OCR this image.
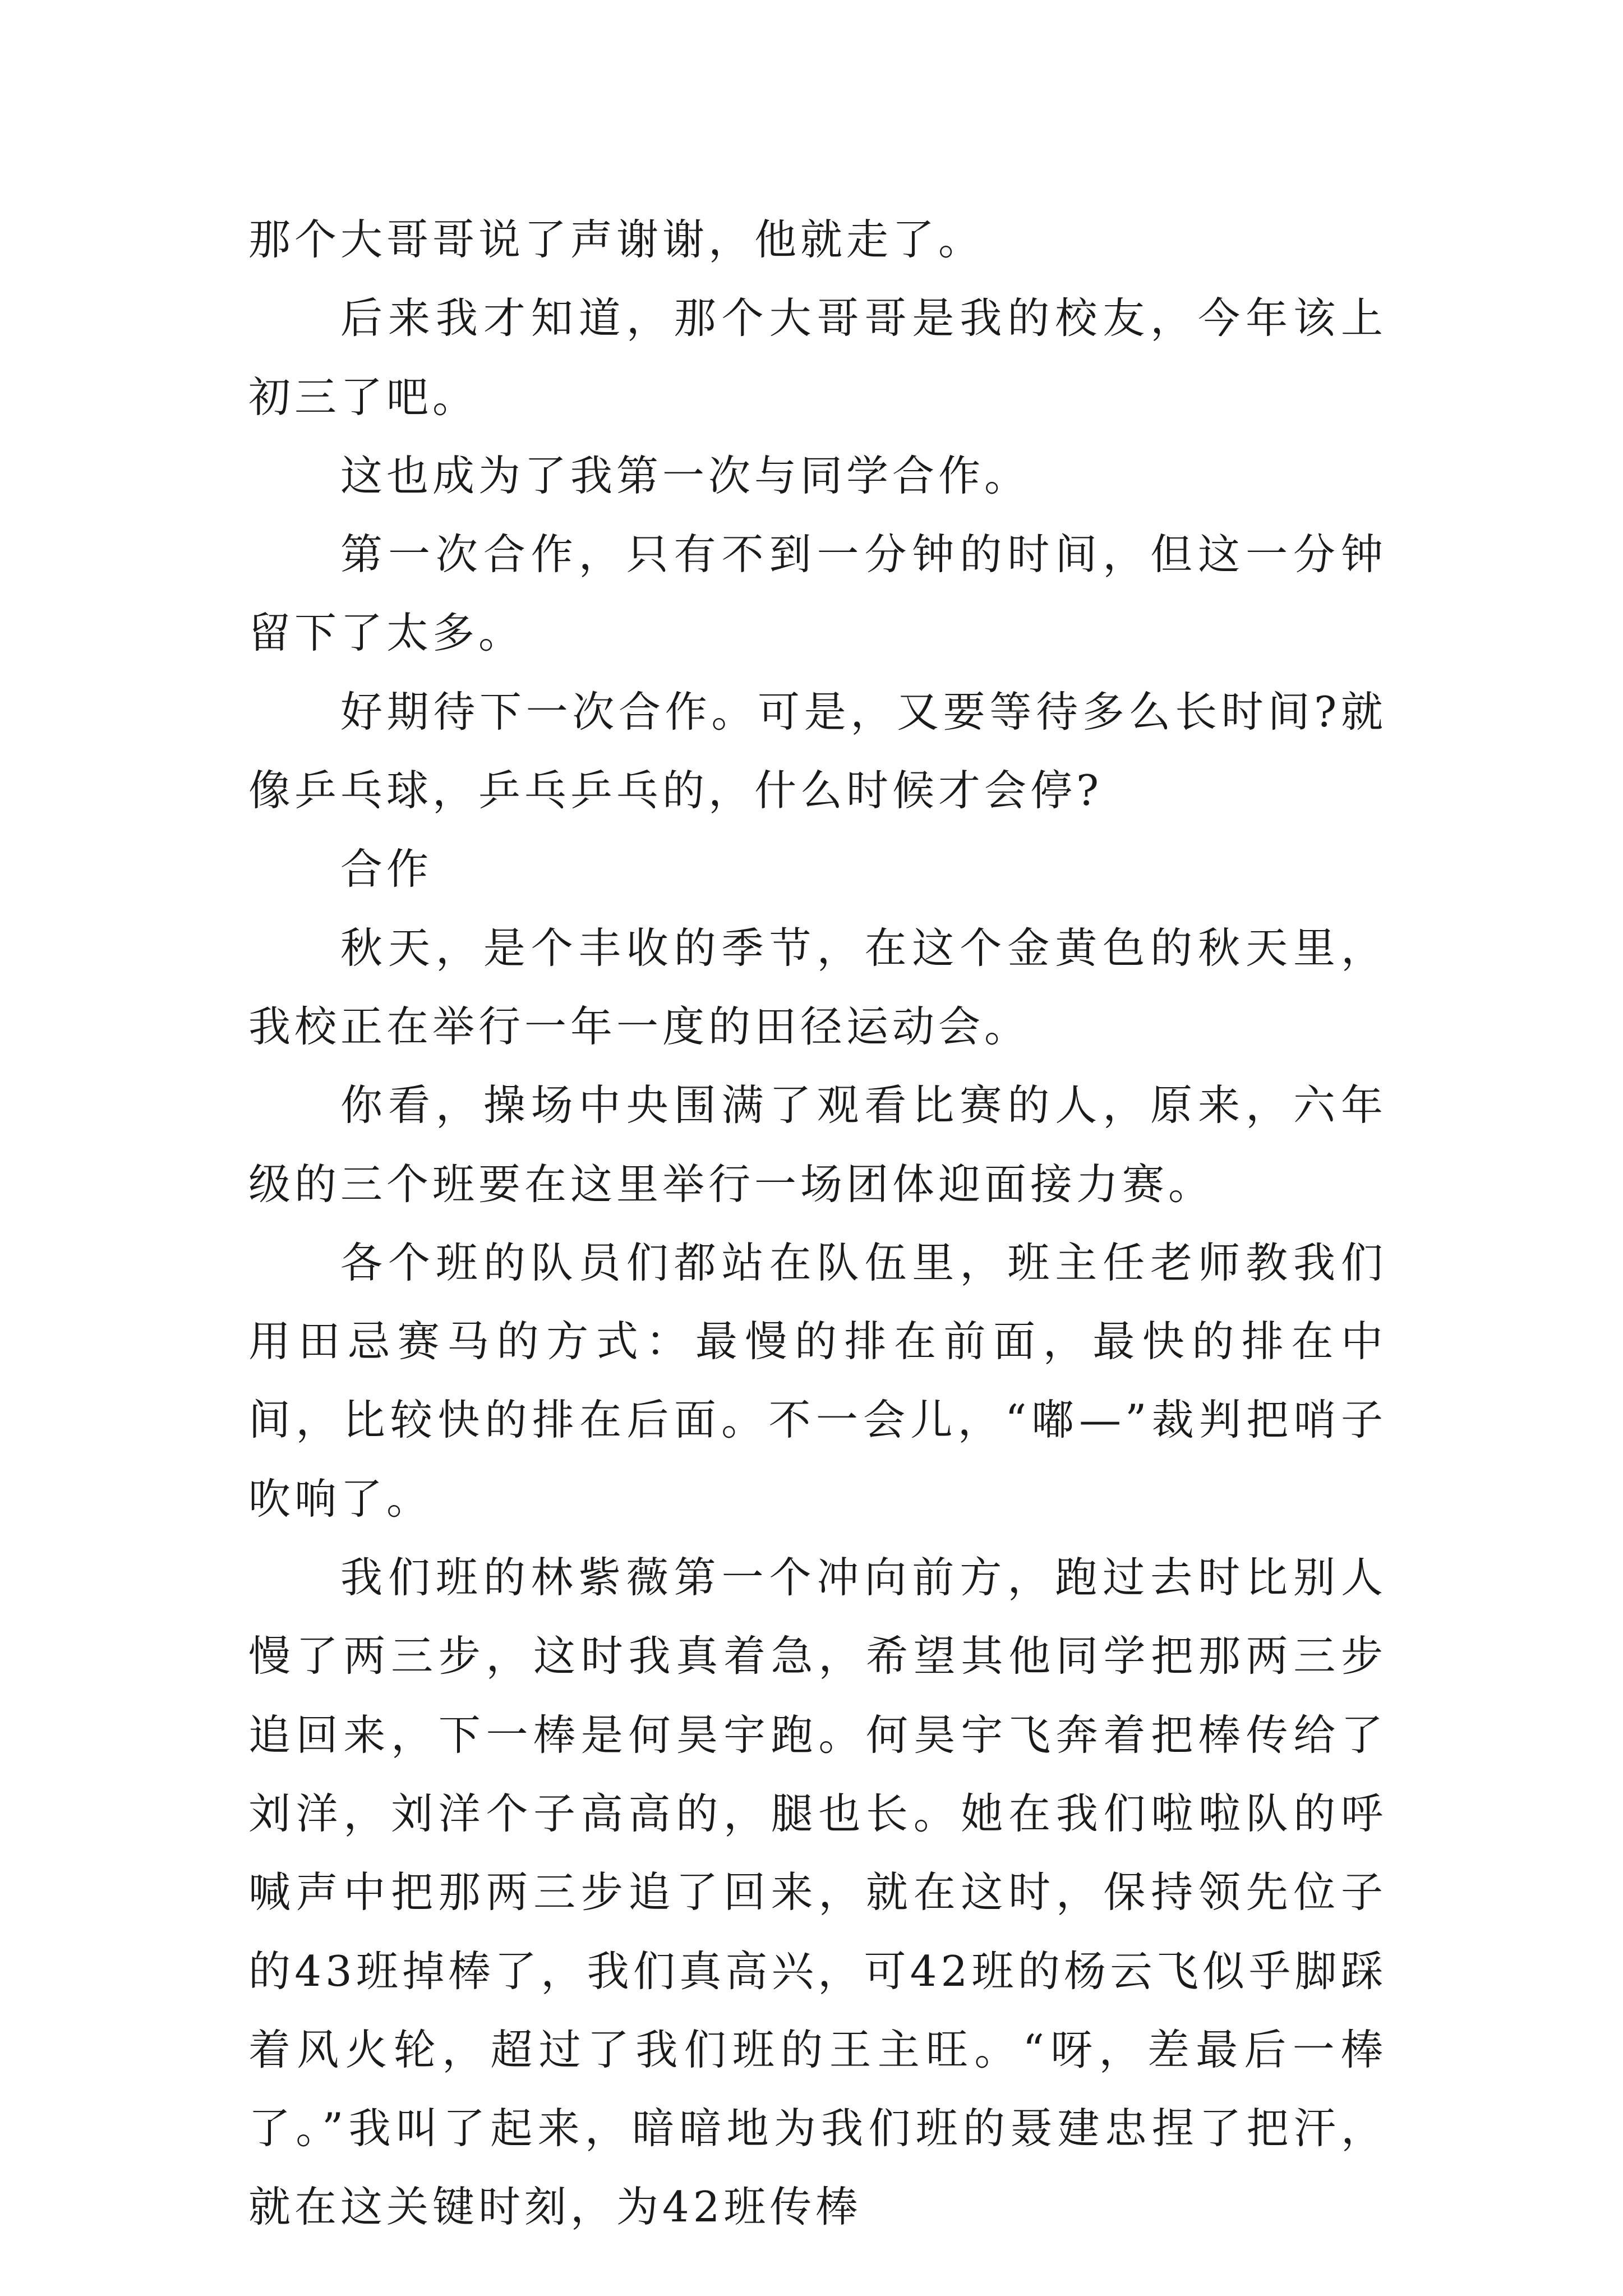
那个大哥哥说了声谢谢，他就走了。

后来我才知道，那个大哥哥是我的校友，今年该上初三了吧。

这也成为了我第一次与同学合作。

第一次合作，只有不到一分钟的时间，但这一分钟留下了太多。

好期待下一次合作。可是，又要等待多么长时间?就像乒乓球，乒乓乒乓的，什么时候才会停?

合作

秋天，是个丰收的季节，在这个金黄色的秋天里，我校正在举行一年一度的田径运动会。

你看，操场中央围满了观看比赛的人，原来，六年级的三个班要在这里举行一场团体迎面接力赛。

各个班的队员们都站在队伍里，班主任老师教我们用田忌赛马的方式：最慢的排在前面，最快的排在中间，比较快的排在后面。不一会儿，“嘟—”裁判把哨子吹响了。

我们班的林紫薇第一个冲向前方，跑过去时比别人慢了两三步，这时我真着急，希望其他同学把那两三步追回来，下一棒是何昊宇跑。何昊宇飞奔着把棒传给了刘洋，刘洋个子高高的，腿也长。她在我们啦啦队的呼喊声中把那两三步追了回来，就在这时，保持领先位子的43班掉棒了，我们真高兴，可42班的杨云飞似乎脚踩着风火轮，超过了我们班的王主旺。“呀，差最后一棒了。”我叫了起来，暗暗地为我们班的聂建忠捏了把汗，就在这关键时刻，为42班传棒
